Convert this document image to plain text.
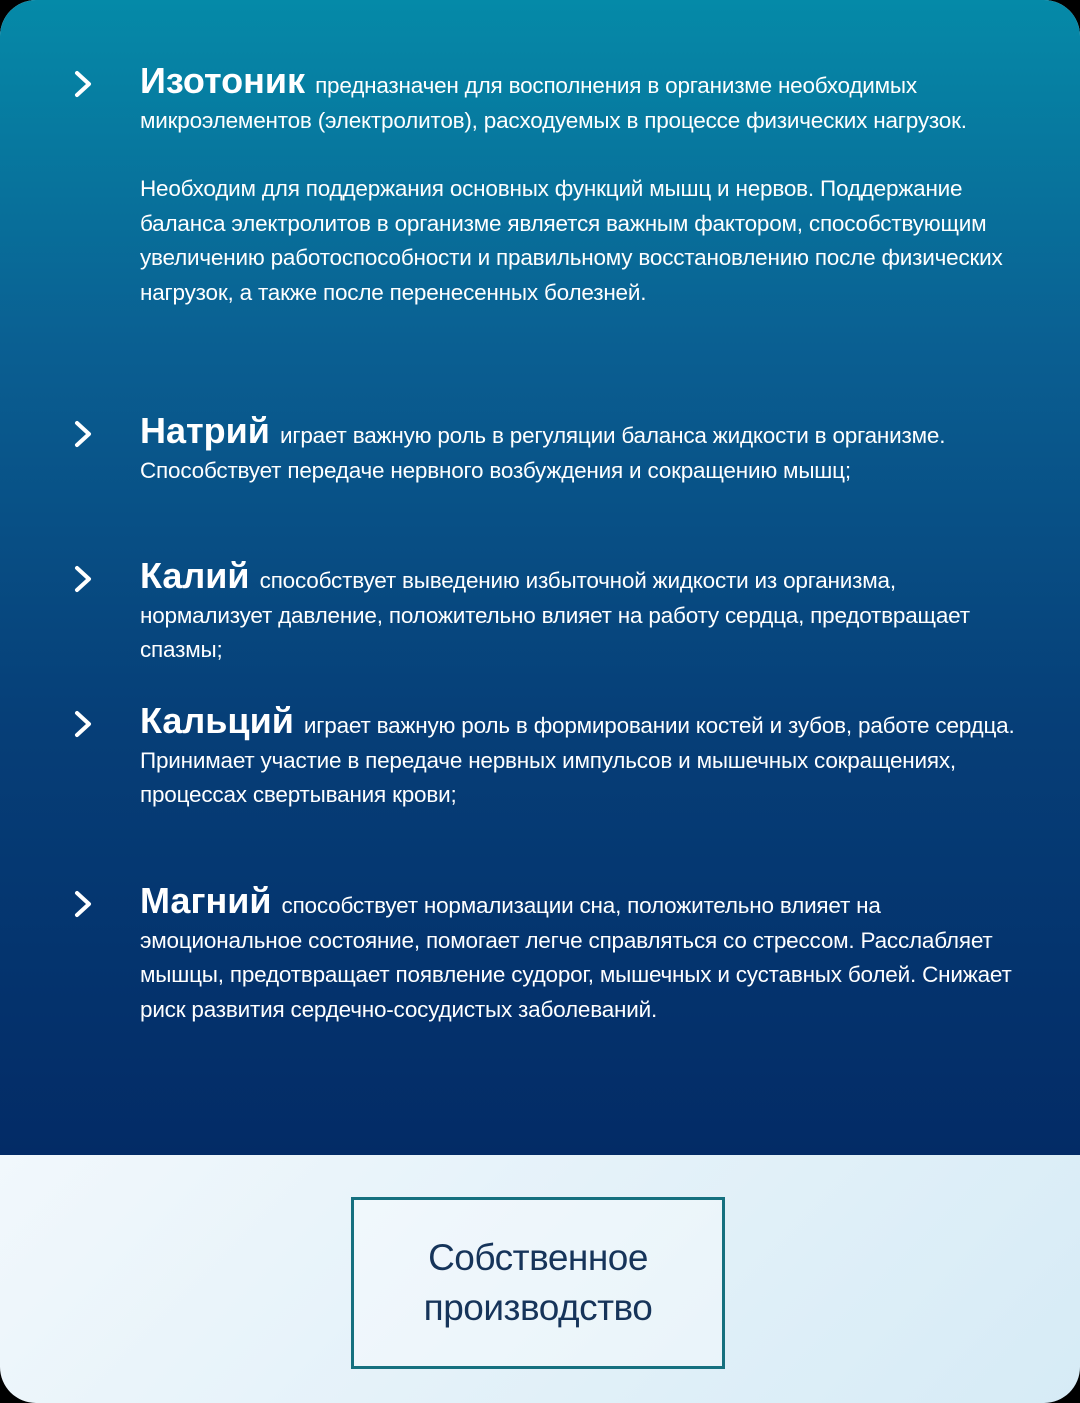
Изотоник предназначен для восполнения в организме необходимых микроэлементов (электролитов), расходуемых в процессе физических нагрузок.
Необходим для поддержания основных функций мышц и нервов. Поддержание баланса электролитов в организме является важным фактором, способствующим увеличению работоспособности и правильному восстановлению после физических нагрузок, а также после перенесенных болезней.
Натрий играет важную роль в регуляции баланса жидкости в организме. Способствует передаче нервного возбуждения и сокращению мышц;
Калий способствует выведению избыточной жидкости из организма, нормализует давление, положительно влияет на работу сердца, предотвращает спазмы;
Кальций играет важную роль в формировании костей и зубов, работе сердца. Принимает участие в передаче нервных импульсов и мышечных сокращениях, процессах свертывания крови;
Магний способствует нормализации сна, положительно влияет на эмоциональное состояние, помогает легче справляться со стрессом. Расслабляет мышцы, предотвращает появление судорог, мышечных и суставных болей. Снижает риск развития сердечно-сосудистых заболеваний.
Собственное производство
